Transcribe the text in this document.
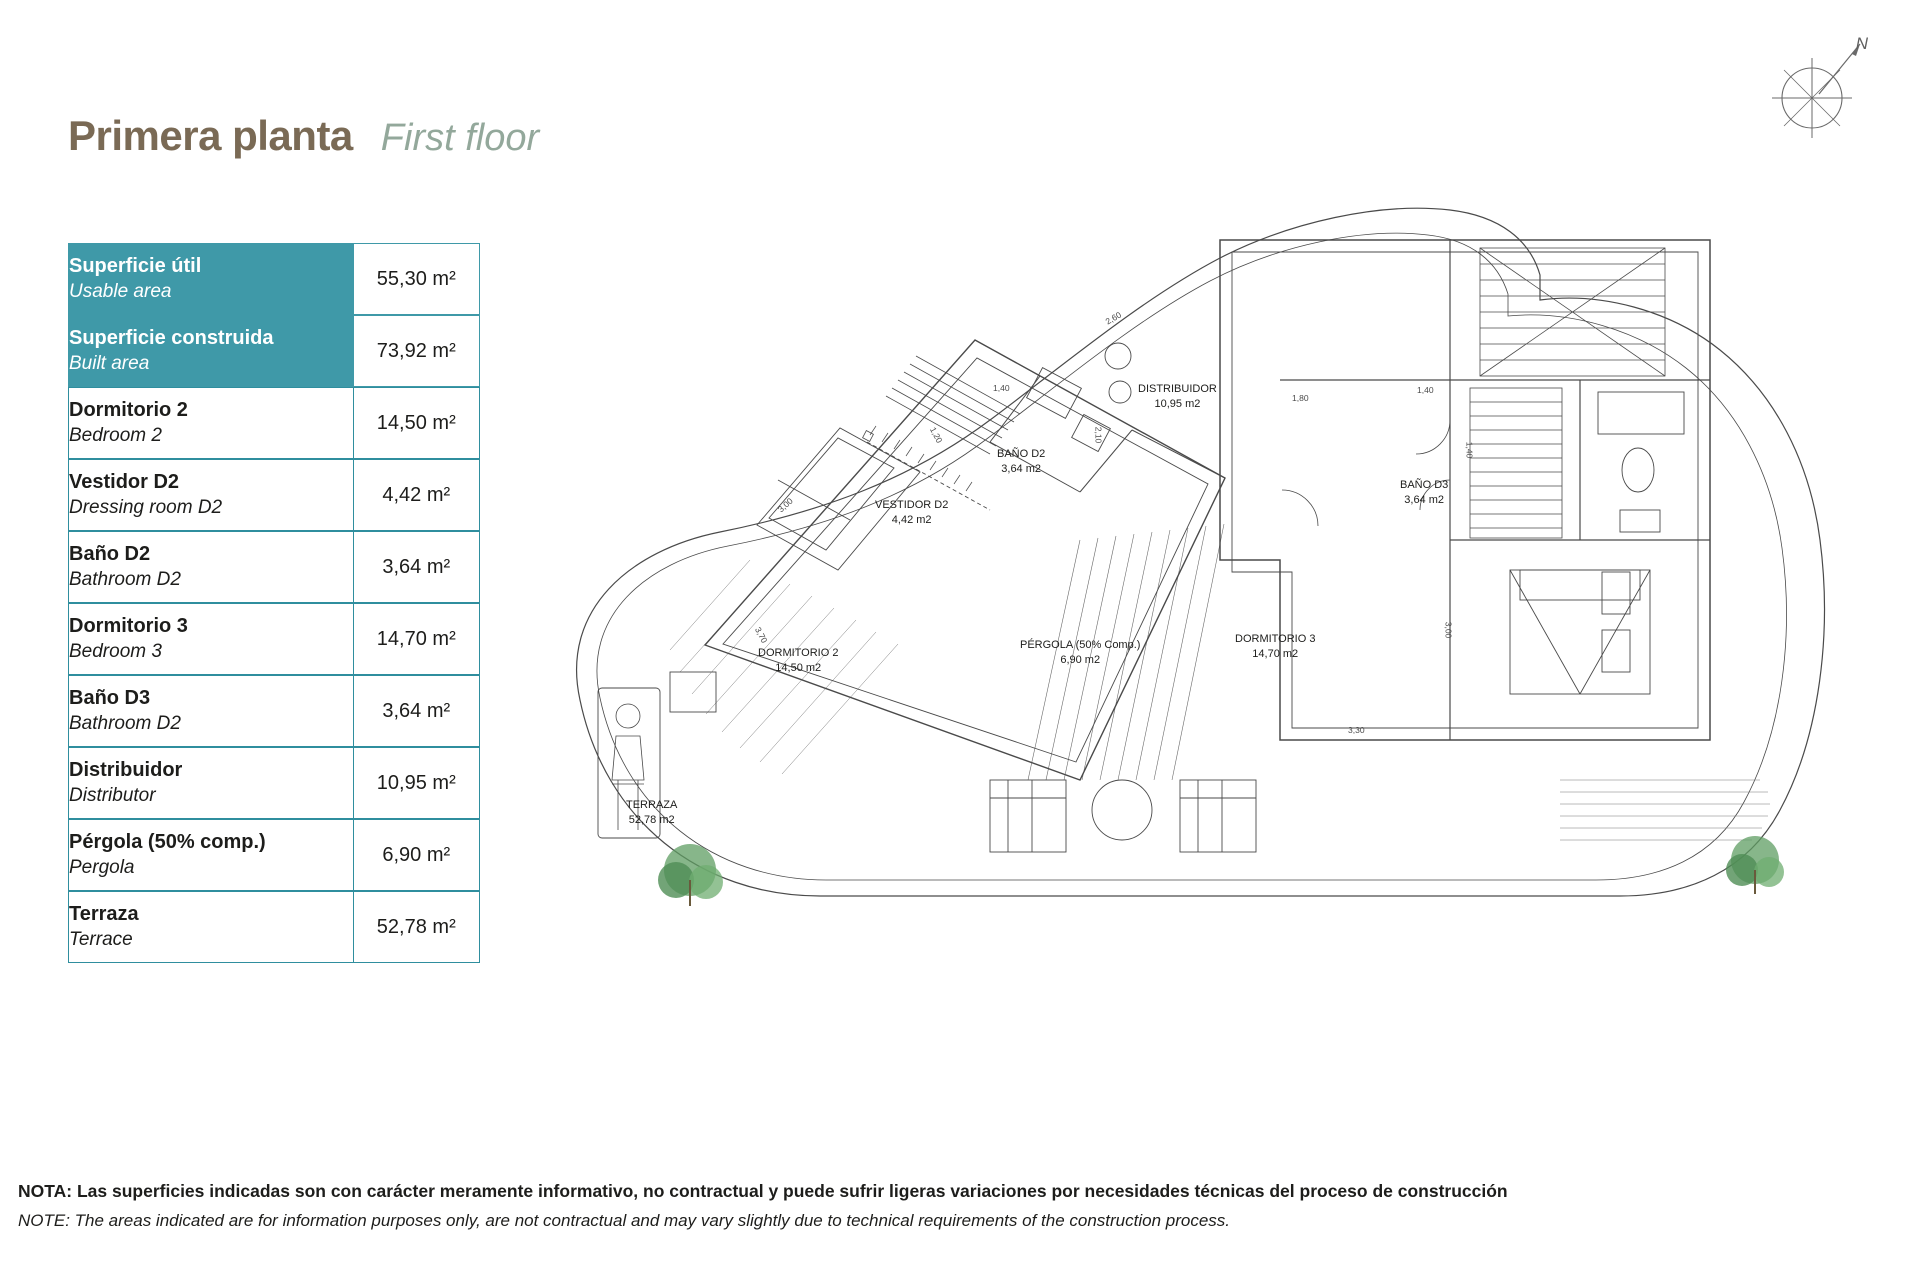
Primera planta First floor
N
Superficie útil
Usable area	55,30 m²

Superficie construida
Built area	73,92 m²

Dormitorio 2
Bedroom 2	14,50 m²

Vestidor D2
Dressing room D2	4,42 m²

Baño D2
Bathroom D2	3,64 m²

Dormitorio 3
Bedroom 3	14,70 m²

Baño D3
Bathroom D2	3,64 m²

Distribuidor
Distributor	10,95 m²

Pérgola (50% comp.)
Pergola	6,90 m²

Terraza
Terrace	52,78 m²
DORMITORIO 2
14,50 m2
VESTIDOR D2
4,42 m2
BAÑO D2
3,64 m2
DISTRIBUIDOR
10,95 m2
BAÑO D3
3,64 m2
DORMITORIO 3
14,70 m2
PÉRGOLA (50% Comp.)
6,90 m2
TERRAZA
52,78 m2
2,60
1,40
1,20
3,00
3,70
2,10
1,80
1,40
1,40
3,00
3,30
NOTA: Las superficies indicadas son con carácter meramente informativo, no contractual y puede sufrir ligeras variaciones por necesidades técnicas del proceso de construcción
NOTE: The areas indicated are for information purposes only, are not contractual and may vary slightly due to technical requirements of the construction process.
